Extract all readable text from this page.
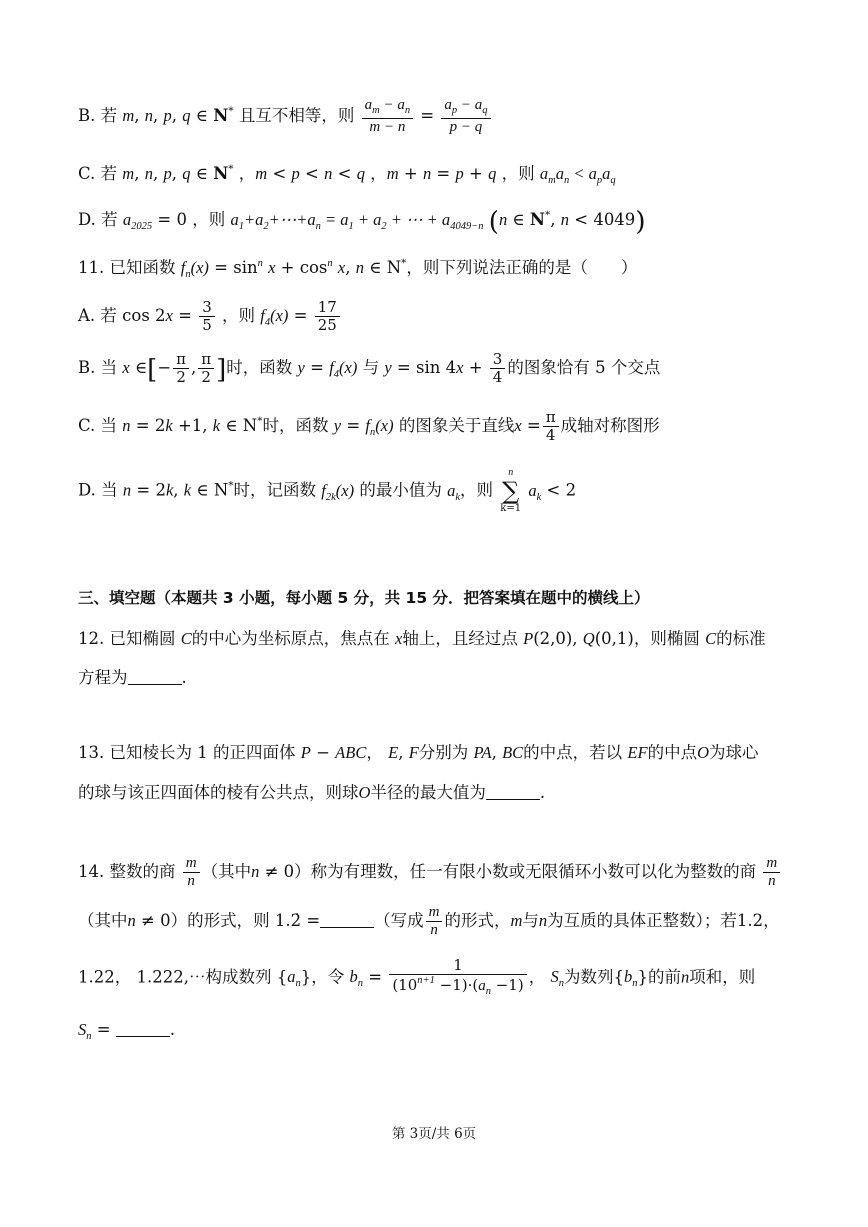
B. 若 m, n, p, q ∈ N* 且互不相等，则 $\frac{a_m - a_n}{m - n} = \frac{a_p - a_q}{p - q}$
C. 若 m, n, p, q ∈ N* ，m < p < n < q ，m + n = p + q ，则 $a_ma_n < a_pa_q$
D. 若 $a_{2025} = 0$ ，则 $a_1+a_2+\cdots+a_n = a_1 + a_2$ + ⋯ + $a_{4049-n}$ (n ∈ N*, n < 4049)
11. 已知函数 $f_n(x) = \sin^n x + \cos^n x$, n ∈ N*，则下列说法正确的是（　　）
A. 若 $\cos 2x = \frac{3}{5}$ ，则 $f_4(x) = \frac{17}{25}$
B. 当 x ∈[− $\frac{\pi}{2}$ , $\frac{\pi}{2}$ ]时，函数 $y = f_4(x)$ 与 $y = \sin 4x + \frac{3}{4}$ 的图象恰有 5 个交点
C. 当 n = 2k +1, k ∈ N*时，函数 $y = f_n(x)$ 的图象关于直线$x = \frac{\pi}{4}$ 成轴对称图形
D. 当 n = 2k, k ∈ N*时，记函数 $f_{2k}(x)$ 的最小值为 $a_k$，则 n
∑
k=1 $a_k < 2$
三、填空题（本题共 3 小题，每小题 5 分，共 15 分．把答案填在题中的横线上）
12. 已知椭圆 C的中心为坐标原点，焦点在 x轴上，且经过点 P(2,0), Q(0,1)，则椭圆 C的标准
方程为	.
13. 已知棱长为 1 的正四面体 P − ABC， E, F分别为 PA, BC的中点，若以 EF的中点O为球心
的球与该正四面体的棱有公共点，则球O半径的最大值为	.
14. 整数的商 $\frac{m}{n}$ （其中n ≠ 0）称为有理数，任一有限小数或无限循环小数可以化为整数的商 $\frac{m}{n}$
（其中n ≠ 0）的形式，则 1.2̇ =	（写成 $\frac{m}{n}$ 的形式，m与n为互质的具体正整数）；若1.2，
1.22， 1.222,⋯构成数列 $\{a_n\}$，令 $b_n = \frac{1}{(10^{n+1} -1)\cdot(a_n -1)}$ ， $S_n$为数列$\{b_n\}$的前n项和，则
$S_n$ =	.
第 3页/共 6页
